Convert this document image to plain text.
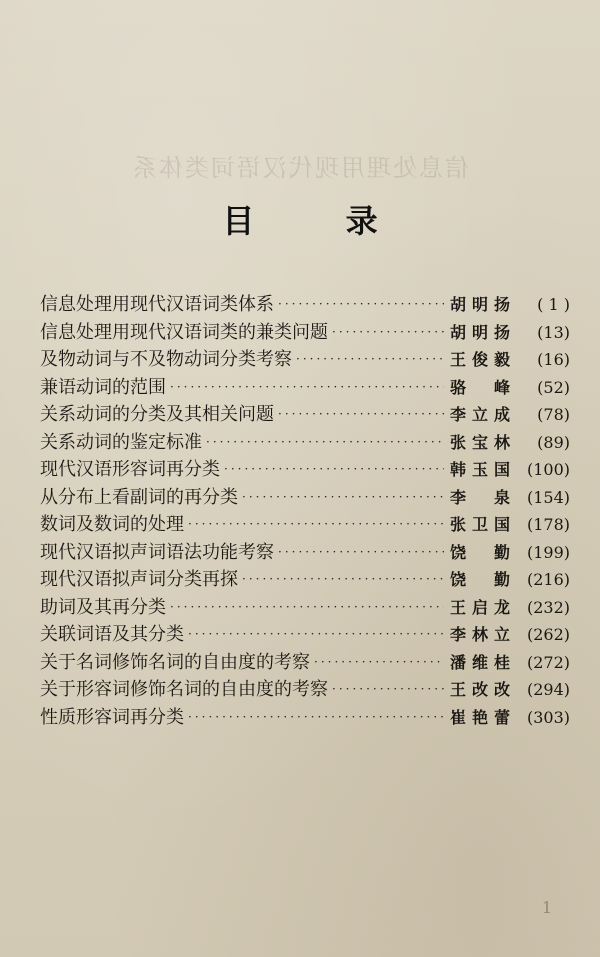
信息处理用现代汉语词类体系
目 录
信息处理用现代汉语词类体系 ·····	胡明扬	( 1 )
信息处理用现代汉语词类的兼类问题 ·····	胡明扬	(13)
及物动词与不及物动词分类考察 ·····	王俊毅	(16)
兼语动词的范围 ·····	骆 峰	(52)
关系动词的分类及其相关问题 ·····	李立成	(78)
关系动词的鉴定标准 ·····	张宝林	(89)
现代汉语形容词再分类 ·····	韩玉国	(100)
从分布上看副词的再分类 ·····	李 泉	(154)
数词及数词的处理 ·····	张卫国	(178)
现代汉语拟声词语法功能考察 ·····	饶 勤	(199)
现代汉语拟声词分类再探 ·····	饶 勤	(216)
助词及其再分类 ·····	王启龙	(232)
关联词语及其分类 ·····	李林立	(262)
关于名词修饰名词的自由度的考察 ·····	潘维桂	(272)
关于形容词修饰名词的自由度的考察 ·····	王改改	(294)
性质形容词再分类 ·····	崔艳蕾	(303)
1
